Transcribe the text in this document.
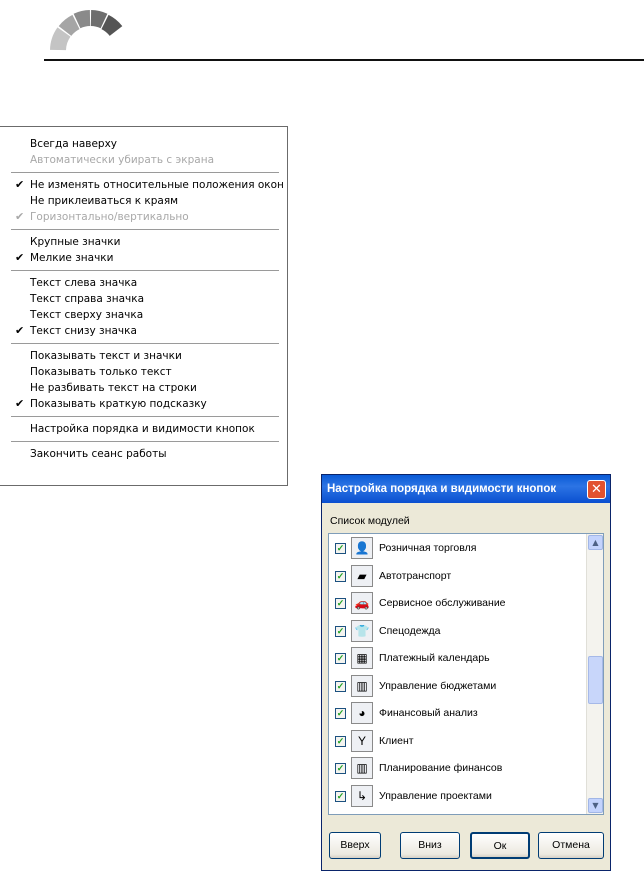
Всегда наверху
Автоматически убирать с экрана
✔ Не изменять относительные положения окон
Не приклеиваться к краям
✔ Горизонтально/вертикально
Крупные значки
✔ Мелкие значки
Текст слева значка
Текст справа значка
Текст сверху значка
✔ Текст снизу значка
Показывать текст и значки
Показывать только текст
Не разбивать текст на строки
✔ Показывать краткую подсказку
Настройка порядка и видимости кнопок
Закончить сеанс работы
Настройка порядка и видимости кнопок	✕
Список модулей
✓	↳	Управление проектами
✓	▥	Планирование финансов
✓	Y	Клиент
✓	◕	Финансовый анализ
✓	▥	Управление бюджетами
✓	▦	Платежный календарь
✓ 👕 Спецодежда
✓ 🚗 Сервисное обслуживание
✓	▰	Автотранспорт
✓ 👤 Розничная торговля	▲
▼
Вверх	Вниз	Ок	Отмена
